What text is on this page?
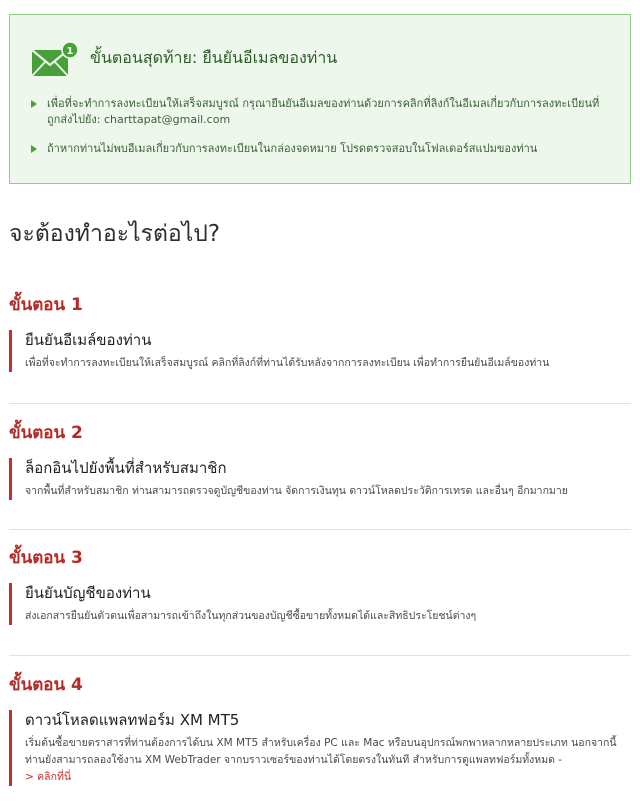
1 ขั้นตอนสุดท้าย: ยืนยันอีเมลของท่าน
เพื่อที่จะทำการลงทะเบียนให้เสร็จสมบูรณ์ กรุณายืนยันอีเมลของท่านด้วยการคลิกที่ลิงก์ในอีเมลเกี่ยวกับการลงทะเบียนที่ถูกส่งไปยัง: charttapat@gmail.com
ถ้าหากท่านไม่พบอีเมลเกี่ยวกับการลงทะเบียนในกล่องจดหมาย โปรดตรวจสอบในโฟลเดอร์สแปมของท่าน
จะต้องทำอะไรต่อไป?
ขั้นตอน 1
ยืนยันอีเมล์ของท่าน
เพื่อที่จะทำการลงทะเบียนให้เสร็จสมบูรณ์ คลิกที่ลิงก์ที่ท่านได้รับหลังจากการลงทะเบียน เพื่อทำการยืนยันอีเมล์ของท่าน
ขั้นตอน 2
ล็อกอินไปยังพื้นที่สำหรับสมาชิก
จากพื้นที่สำหรับสมาชิก ท่านสามารถตรวจดูบัญชีของท่าน จัดการเงินทุน ดาวน์โหลดประวัติการเทรด และอื่นๆ อีกมากมาย
ขั้นตอน 3
ยืนยันบัญชีของท่าน
ส่งเอกสารยืนยันตัวตนเพื่อสามารถเข้าถึงในทุกส่วนของบัญชีซื้อขายทั้งหมดได้และสิทธิประโยชน์ต่างๆ
ขั้นตอน 4
ดาวน์โหลดแพลทฟอร์ม XM MT5
เริ่มต้นซื้อขายตราสารที่ท่านต้องการได้บน XM MT5 สำหรับเครื่อง PC และ Mac หรือบนอุปกรณ์พกพาหลากหลายประเภท นอกจากนี้ท่านยังสามารถลองใช้งาน XM WebTrader จากบราวเซอร์ของท่านได้โดยตรงในทันที สำหรับการดูแพลทฟอร์มทั้งหมด -
> คลิกที่นี่
